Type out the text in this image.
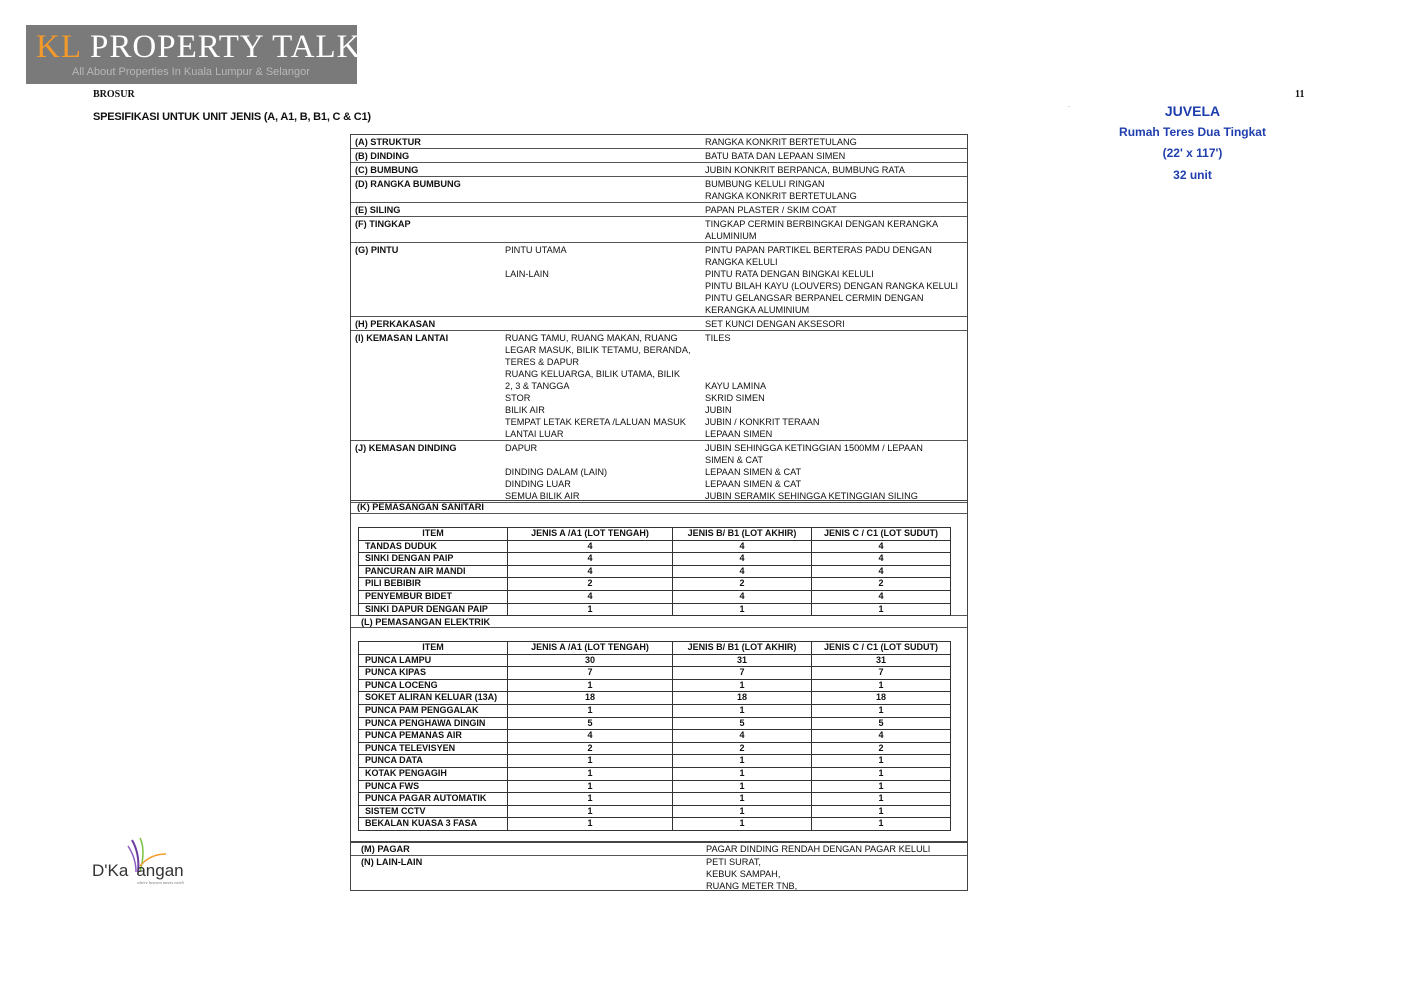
KL PROPERTY TALK
All About Properties In Kuala Lumpur & Selangor
BROSUR	11
SPESIFIKASI UNTUK UNIT JENIS (A, A1, B, B1, C & C1)
·⁃	JUVELA
Rumah Teres Dua Tingkat
(22' x 117')
32 unit
(A) STRUKTUR	RANGKA KONKRIT BERTETULANG
(B) DINDING	BATU BATA DAN LEPAAN SIMEN
(C) BUMBUNG	JUBIN KONKRIT BERPANCA, BUMBUNG RATA
(D) RANGKA BUMBUNG	BUMBUNG KELULI RINGAN
RANGKA KONKRIT BERTETULANG
(E) SILING	PAPAN PLASTER / SKIM COAT
(F) TINGKAP	TINGKAP CERMIN BERBINGKAI DENGAN KERANGKA
ALUMINIUM
(G) PINTU	PINTU UTAMA	PINTU PAPAN PARTIKEL BERTERAS PADU DENGAN
RANGKA KELULI
LAIN-LAIN	PINTU RATA DENGAN BINGKAI KELULI
PINTU BILAH KAYU (LOUVERS) DENGAN RANGKA KELULI
PINTU GELANGSAR BERPANEL CERMIN DENGAN
KERANGKA ALUMINIUM
(H) PERKAKASAN	SET KUNCI DENGAN AKSESORI
(I) KEMASAN LANTAI	RUANG TAMU, RUANG MAKAN, RUANG
LEGAR MASUK, BILIK TETAMU, BERANDA,
TERES & DAPUR
TILES
RUANG KELUARGA, BILIK UTAMA, BILIK
2, 3 & TANGGA	KAYU LAMINA
STOR	SKRID SIMEN
BILIK AIR	JUBIN
TEMPAT LETAK KERETA /LALUAN MASUK	JUBIN / KONKRIT TERAAN
LANTAI LUAR	LEPAAN SIMEN
(J) KEMASAN DINDING	DAPUR	JUBIN SEHINGGA KETINGGIAN 1500MM / LEPAAN
SIMEN & CAT
DINDING DALAM (LAIN)	LEPAAN SIMEN & CAT
DINDING LUAR	LEPAAN SIMEN & CAT
SEMUA BILIK AIR	JUBIN SERAMIK SEHINGGA KETINGGIAN SILING
(K) PEMASANGAN SANITARI
(L) PEMASANGAN ELEKTRIK
ITEM	JENIS A /A1 (LOT TENGAH)	JENIS B/ B1 (LOT AKHIR)	JENIS C / C1 (LOT SUDUT)
TANDAS DUDUK	4	4	4
SINKI DENGAN PAIP	4	4	4
PANCURAN AIR MANDI	4	4	4
PILI BEBIBIR	2	2	2
PENYEMBUR BIDET	4	4	4
SINKI DAPUR DENGAN PAIP	1	1	1
ITEM	JENIS A /A1 (LOT TENGAH)	JENIS B/ B1 (LOT AKHIR)	JENIS C / C1 (LOT SUDUT)
PUNCA LAMPU	30	31	31
PUNCA KIPAS	7	7	7
PUNCA LOCENG	1	1	1
SOKET ALIRAN KELUAR (13A)	18	18	18
PUNCA PAM PENGGALAK	1	1	1
PUNCA PENGHAWA DINGIN	5	5	5
PUNCA PEMANAS AIR	4	4	4
PUNCA TELEVISYEN	2	2	2
PUNCA DATA	1	1	1
KOTAK PENGAGIH	1	1	1
PUNCA FWS	1	1	1
PUNCA PAGAR AUTOMATIK	1	1	1
SISTEM CCTV	1	1	1
BEKALAN KUASA 3 FASA	1	1	1
(M) PAGAR	PAGAR DINDING RENDAH DENGAN PAGAR KELULI
(N) LAIN-LAIN	PETI SURAT,
KEBUK SAMPAH,
RUANG METER TNB,
D'Ka angan
where heaven meets earth
